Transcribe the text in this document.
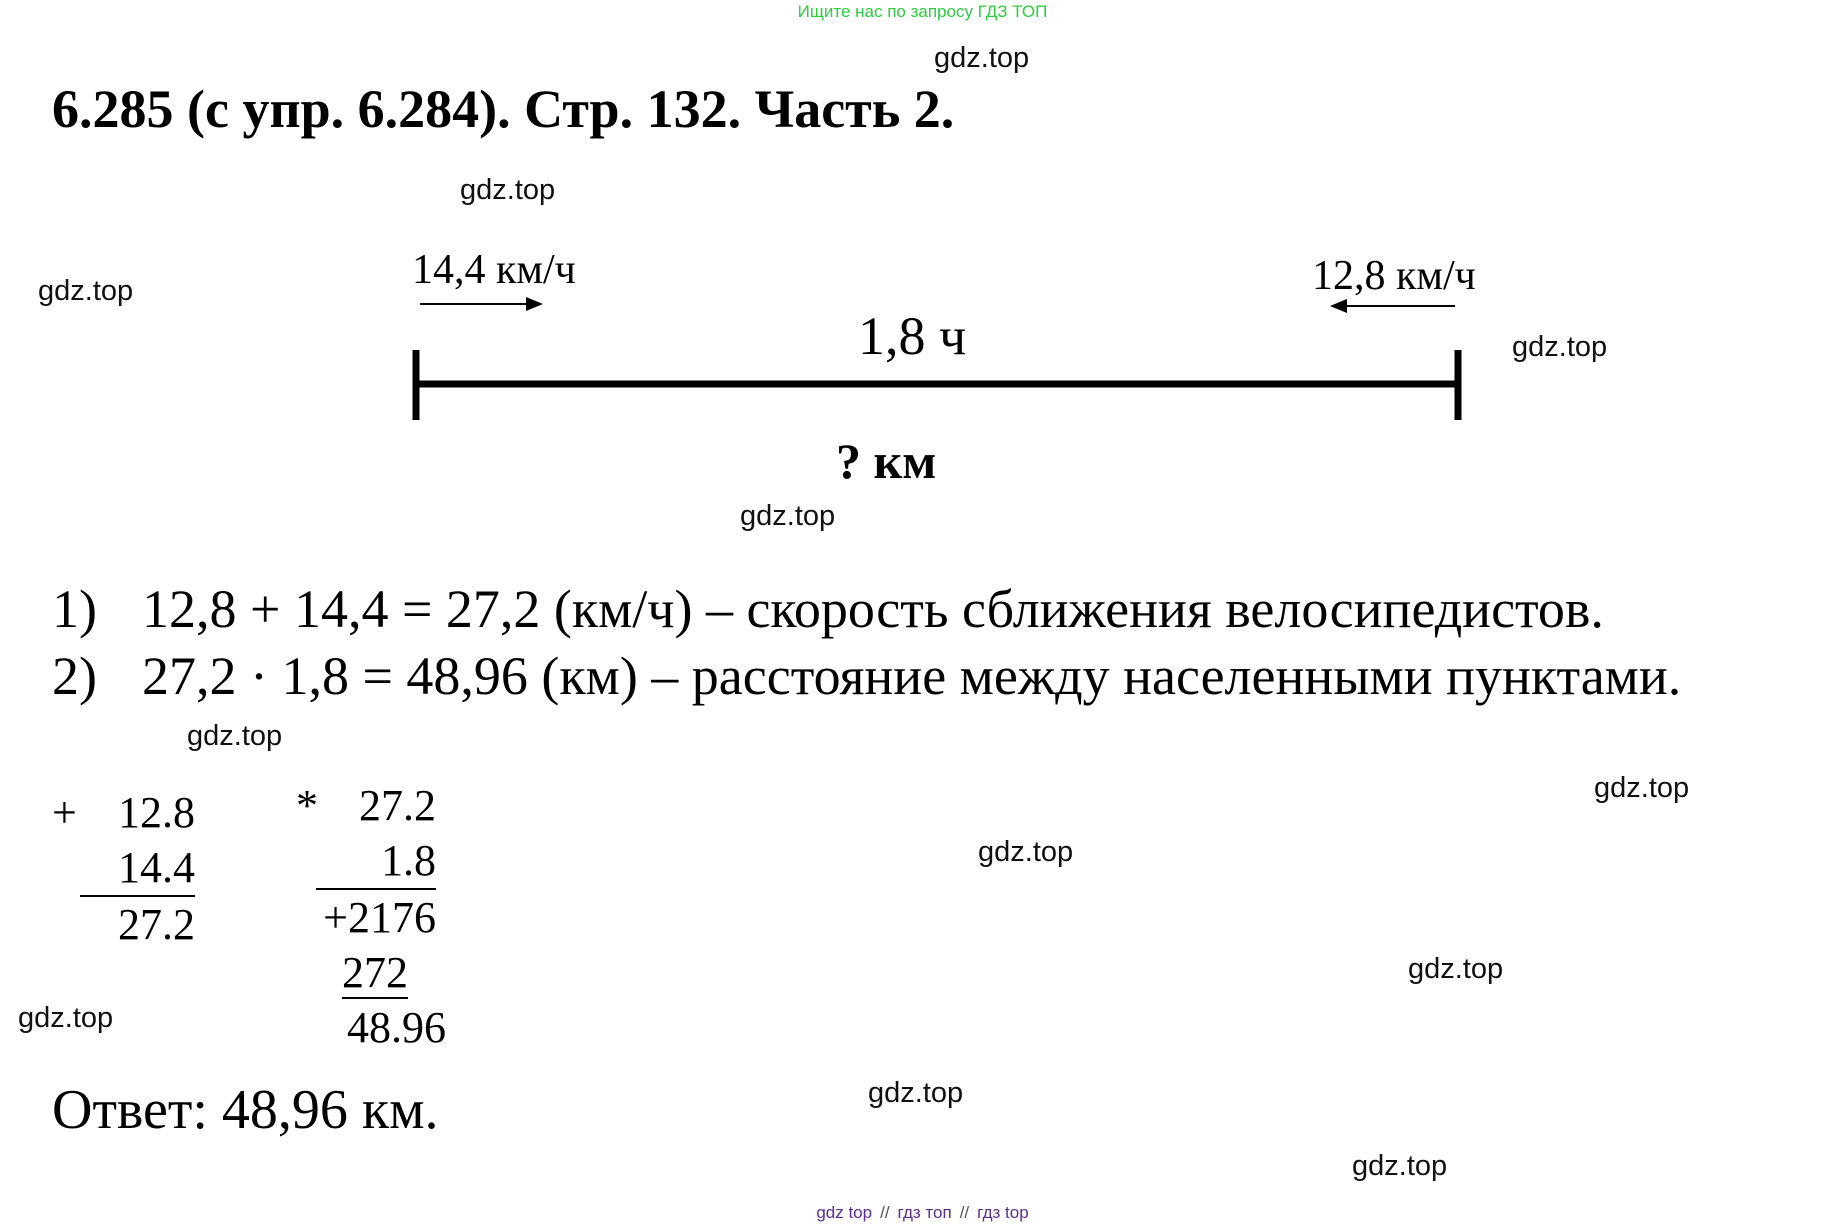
Ищите нас по запросу ГДЗ ТОП
gdz.top
gdz.top
gdz.top
gdz.top
gdz.top
gdz.top
gdz.top
gdz.top
gdz.top
gdz.top
gdz.top
gdz.top
6.285 (с упр. 6.284). Стр. 132. Часть 2.
14,4 км/ч	12,8 км/ч
1,8 ч
? км
1) 12,8 + 14,4 = 27,2 (км/ч) – скорость сближения велосипедистов.
2) 27,2 · 1,8 = 48,96 (км) – расстояние между населенными пунктами.
+ 12.8
14.4
27.2
* 27.2
1.8
+2176
272
48.96
Ответ: 48,96 км.
gdz top // гдз топ // гдз top
